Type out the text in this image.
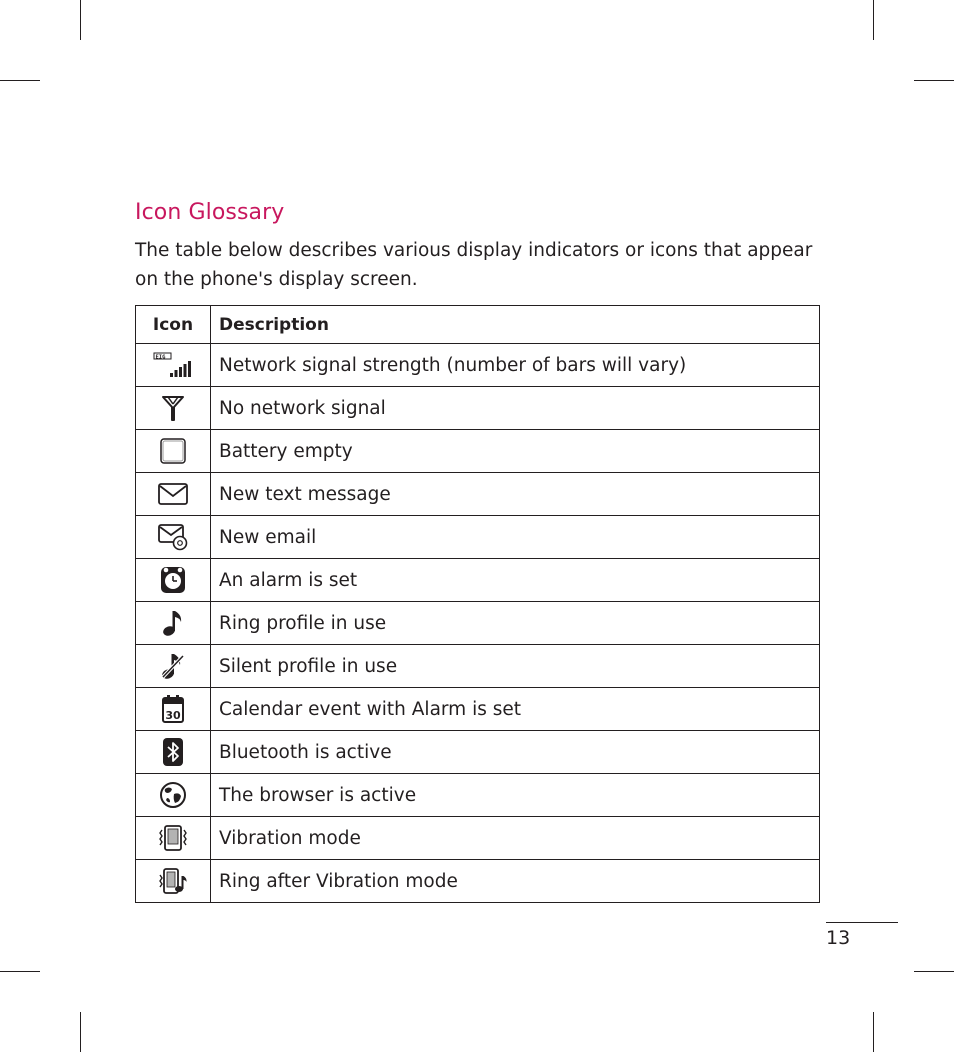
Icon Glossary

The table below describes various display indicators or icons that appear on the phone's display screen.

Icon	Description

EIG	Network signal strength (number of bars will vary)
	No network signal
	Battery empty
	New text message
	New email
	An alarm is set
	Ring profile in use
	Silent profile in use

30	Calendar event with Alarm is set
	Bluetooth is active
	The browser is active
	Vibration mode
	Ring after Vibration mode
13
